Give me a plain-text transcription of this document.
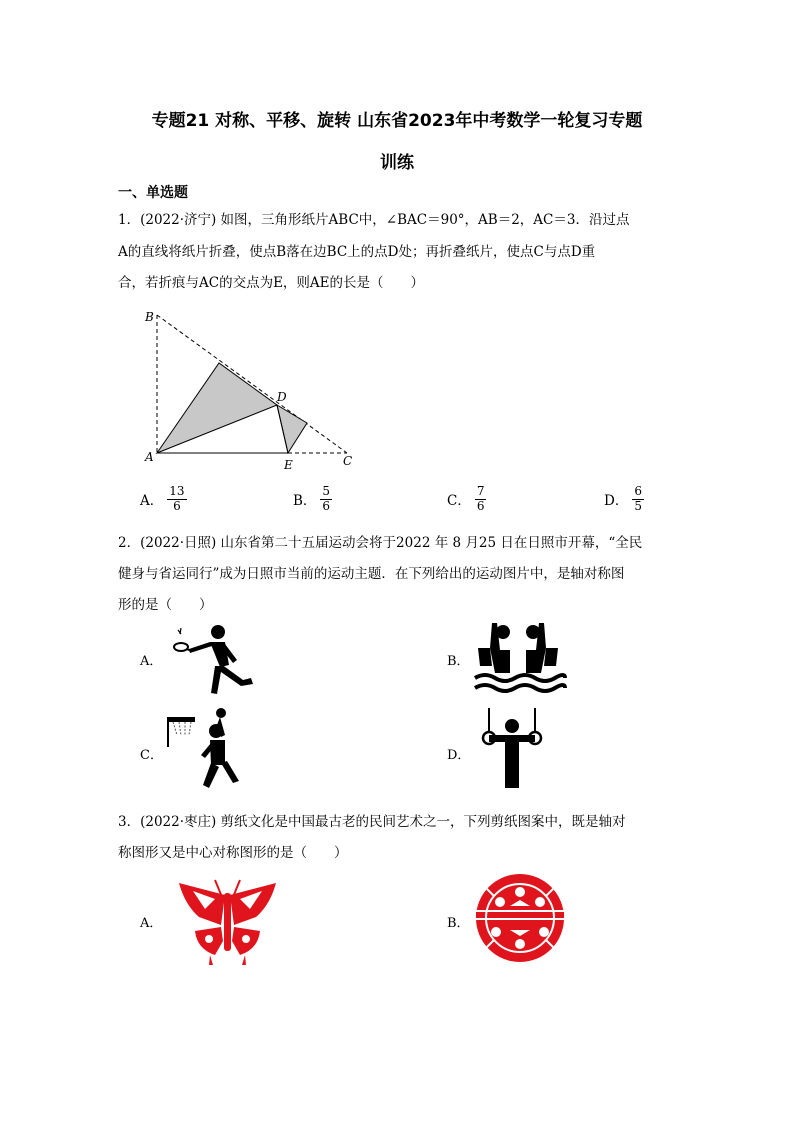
专题21 对称、平移、旋转 山东省2023年中考数学一轮复习专题
训练
一、单选题
1．(2022·济宁) 如图，三角形纸片ABC中，∠BAC＝90°，AB＝2，AC＝3．沿过点
A的直线将纸片折叠，使点B落在边BC上的点D处；再折叠纸片，使点C与点D重
合，若折痕与AC的交点为E，则AE的长是（　　）
B
A
D
E	C
A． $\frac{13}{6}$	B． $\frac{5}{6}$	C． $\frac{7}{6}$	D． $\frac{6}{5}$
2．(2022·日照) 山东省第二十五届运动会将于2022 年 8 月25 日在日照市开幕，“全民
健身与省运同行”成为日照市当前的运动主题．在下列给出的运动图片中，是轴对称图
形的是（　　）
A．	B．
C．	D．
3．(2022·枣庄) 剪纸文化是中国最古老的民间艺术之一，下列剪纸图案中，既是轴对
称图形又是中心对称图形的是（　　）
A．	B．
